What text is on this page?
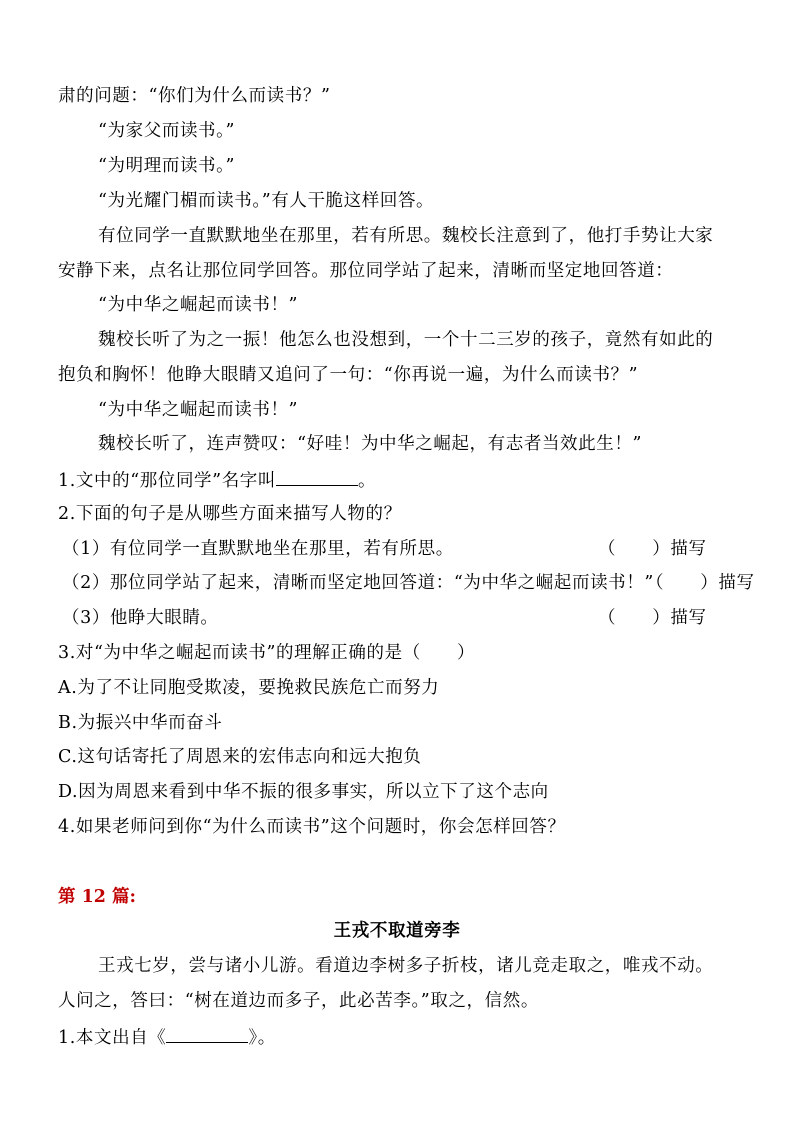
肃的问题：“你们为什么而读书？”
“为家父而读书。”
“为明理而读书。”
“为光耀门楣而读书。”有人干脆这样回答。
有位同学一直默默地坐在那里，若有所思。魏校长注意到了，他打手势让大家
安静下来，点名让那位同学回答。那位同学站了起来，清晰而坚定地回答道：
“为中华之崛起而读书！”
魏校长听了为之一振！他怎么也没想到，一个十二三岁的孩子，竟然有如此的
抱负和胸怀！他睁大眼睛又追问了一句：“你再说一遍，为什么而读书？”
“为中华之崛起而读书！”
魏校长听了，连声赞叹：“好哇！为中华之崛起，有志者当效此生！”
1.文中的“那位同学”名字叫	。
2.下面的句子是从哪些方面来描写人物的？
（1）有位同学一直默默地坐在那里，若有所思。	（　　）描写
（2）那位同学站了起来，清晰而坚定地回答道：“为中华之崛起而读书！”
（　　）描写
（3）他睁大眼睛。	（　　）描写
3.对“为中华之崛起而读书”的理解正确的是（　　）
A.为了不让同胞受欺凌，要挽救民族危亡而努力
B.为振兴中华而奋斗
C.这句话寄托了周恩来的宏伟志向和远大抱负
D.因为周恩来看到中华不振的很多事实，所以立下了这个志向
4.如果老师问到你“为什么而读书”这个问题时，你会怎样回答？
第 12 篇:
王戎不取道旁李
王戎七岁，尝与诸小儿游。看道边李树多子折枝，诸儿竞走取之，唯戎不动。
人问之，答曰：“树在道边而多子，此必苦李。”取之，信然。
1.本文出自《	》。
